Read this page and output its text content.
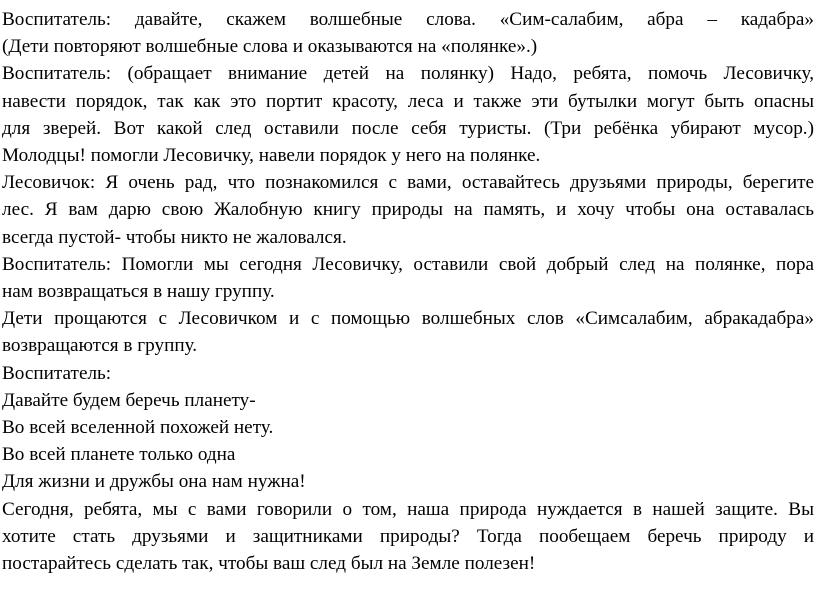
Воспитатель: давайте, скажем волшебные слова. «Сим-салабим, абра – кадабра»
(Дети повторяют волшебные слова и оказываются на «полянке».)

Воспитатель: (обращает внимание детей на полянку) Надо, ребята, помочь Лесовичку,
навести порядок, так как это портит красоту, леса и также эти бутылки могут быть опасны
для зверей. Вот какой след оставили после себя туристы. (Три ребёнка убирают мусор.)
Молодцы! помогли Лесовичку, навели порядок у него на полянке.

Лесовичок: Я очень рад, что познакомился с вами, оставайтесь друзьями природы, берегите
лес. Я вам дарю свою Жалобную книгу природы на память, и хочу чтобы она оставалась
всегда пустой- чтобы никто не жаловался.

Воспитатель: Помогли мы сегодня Лесовичку, оставили свой добрый след на полянке, пора
нам возвращаться в нашу группу.

Дети прощаются с Лесовичком и с помощью волшебных слов «Симсалабим, абракадабра»
возвращаются в группу.

Воспитатель:
Давайте будем беречь планету-
Во всей вселенной похожей нету.
Во всей планете только одна
Для жизни и дружбы она нам нужна!

Сегодня, ребята, мы с вами говорили о том, наша природа нуждается в нашей защите. Вы
хотите стать друзьями и защитниками природы? Тогда пообещаем беречь природу и
постарайтесь сделать так, чтобы ваш след был на Земле полезен!
